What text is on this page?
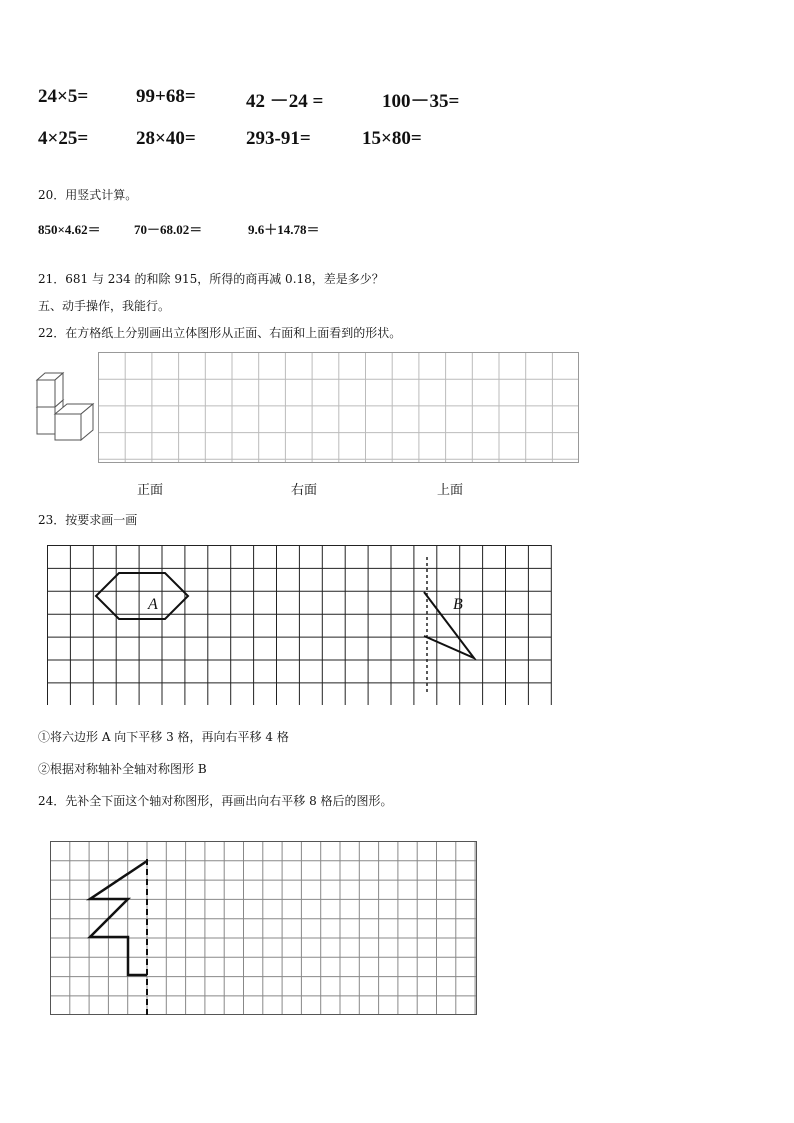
24×5=	99+68=	42 －24 =	100－35=
4×25=	28×40=	293-91=	15×80=
20．用竖式计算。
850×4.62＝	70－68.02＝	9.6＋14.78＝
21．681 与 234 的和除 915，所得的商再减 0.18，差是多少？
五、动手操作，我能行。
22．在方格纸上分别画出立体图形从正面、右面和上面看到的形状。
正面	右面	上面
23．按要求画一画
A	B
①将六边形 A 向下平移 3 格，再向右平移 4 格
②根据对称轴补全轴对称图形 B
24．先补全下面这个轴对称图形，再画出向右平移 8 格后的图形。
